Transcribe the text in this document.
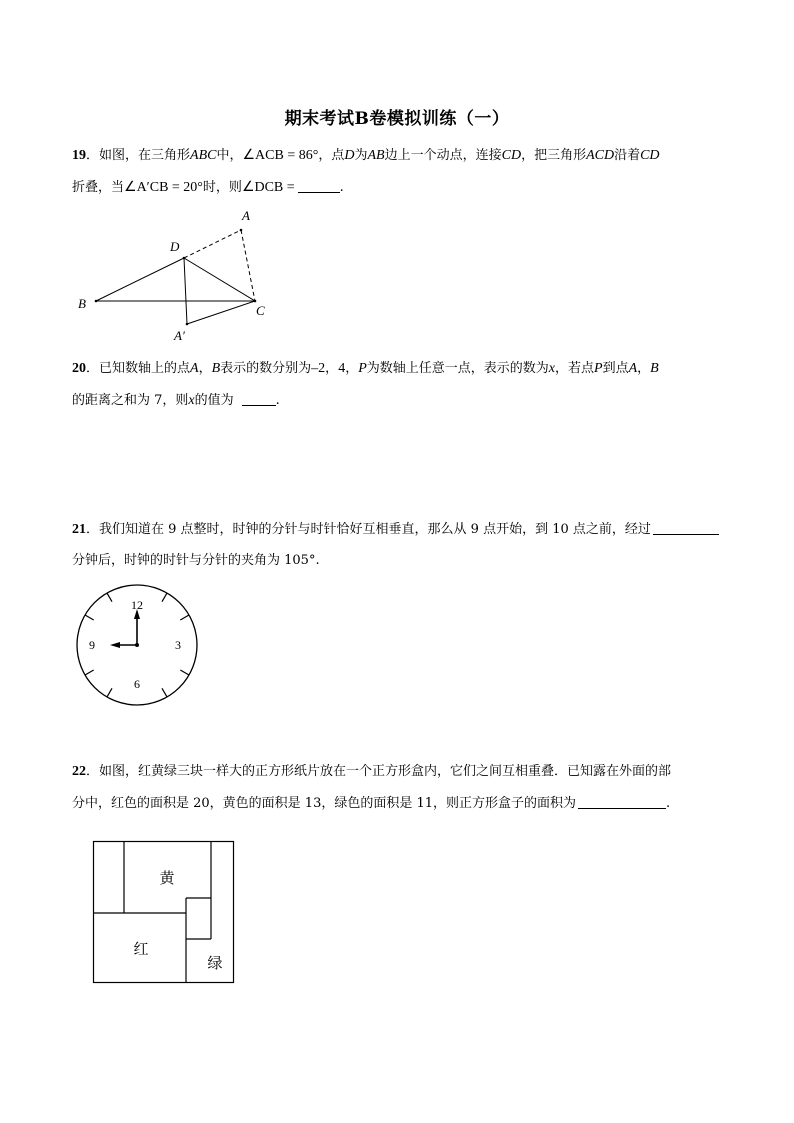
期末考试B卷模拟训练（一）
19．如图，在三角形ABC中，∠ACB = 86°，点D为AB边上一个动点，连接CD，把三角形ACD沿着CD
折叠，当∠A′CB = 20°时，则∠DCB =	.
A
B	C
D
A′
20．已知数轴上的点A，B表示的数分别为–2，4，P为数轴上任意一点，表示的数为x，若点P到点A，B
的距离之和为 7，则x的值为	.
21．我们知道在 9 点整时，时钟的分针与时针恰好互相垂直，那么从 9 点开始，到 10 点之前，经过
分钟后，时钟的时针与分针的夹角为 105°.
12
3
6
9
22．如图，红黄绿三块一样大的正方形纸片放在一个正方形盒内，它们之间互相重叠．已知露在外面的部
分中，红色的面积是 20，黄色的面积是 13，绿色的面积是 11，则正方形盒子的面积为	.
黄
红
绿
